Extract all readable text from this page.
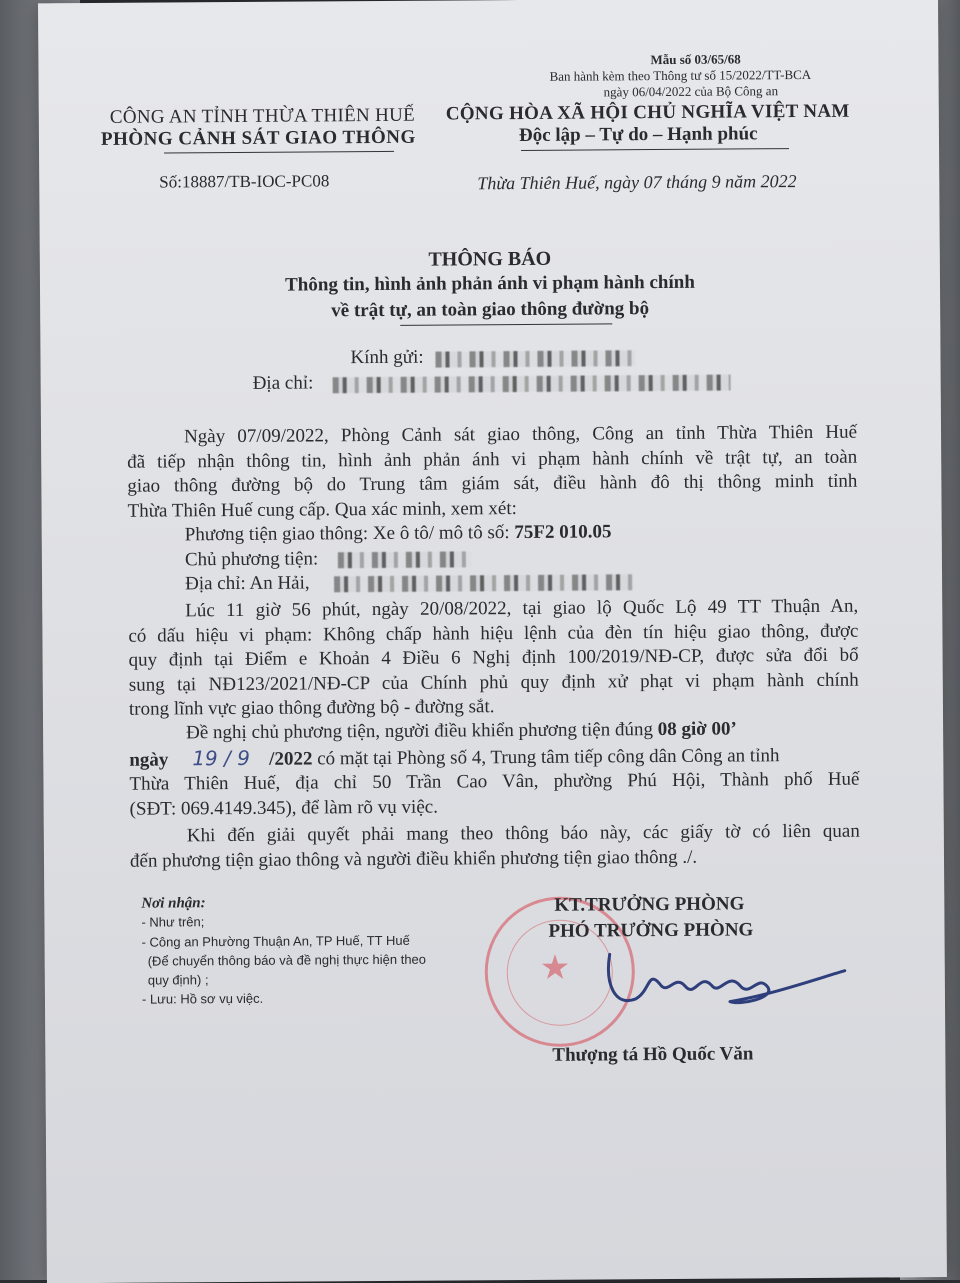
CÔNG AN TỈNH THỪA THIÊN HUẾ
PHÒNG CẢNH SÁT GIAO THÔNG
Số:18887/TB-IOC-PC08
Mẫu số 03/65/68
Ban hành kèm theo Thông tư số 15/2022/TT-BCA
ngày 06/04/2022 của Bộ Công an
CỘNG HÒA XÃ HỘI CHỦ NGHĨA VIỆT NAM
Độc lập – Tự do – Hạnh phúc
Thừa Thiên Huế, ngày 07 tháng 9 năm 2022
THÔNG BÁO
Thông tin, hình ảnh phản ánh vi phạm hành chính
về trật tự, an toàn giao thông đường bộ
Kính gửi:
Địa chỉ:
Ngày 07/09/2022, Phòng Cảnh sát giao thông, Công an tỉnh Thừa Thiên Huế
đã tiếp nhận thông tin, hình ảnh phản ánh vi phạm hành chính về trật tự, an toàn
giao thông đường bộ do Trung tâm giám sát, điều hành đô thị thông minh tỉnh
Thừa Thiên Huế cung cấp. Qua xác minh, xem xét:
Phương tiện giao thông: Xe ô tô/ mô tô số: 75F2 010.05
Chủ phương tiện:
Địa chỉ: An Hải,
Lúc 11 giờ 56 phút, ngày 20/08/2022, tại giao lộ Quốc Lộ 49 TT Thuận An,
có dấu hiệu vi phạm: Không chấp hành hiệu lệnh của đèn tín hiệu giao thông, được
quy định tại Điểm e Khoản 4 Điều 6 Nghị định 100/2019/NĐ-CP, được sửa đổi bổ
sung tại NĐ123/2021/NĐ-CP của Chính phủ quy định xử phạt vi phạm hành chính
trong lĩnh vực giao thông đường bộ - đường sắt.
Đề nghị chủ phương tiện, người điều khiển phương tiện đúng 08 giờ 00’
ngày 19 / 9 /2022 có mặt tại Phòng số 4, Trung tâm tiếp công dân Công an tỉnh
Thừa Thiên Huế, địa chỉ 50 Trần Cao Vân, phường Phú Hội, Thành phố Huế
(SĐT: 069.4149.345), để làm rõ vụ việc.
Khi đến giải quyết phải mang theo thông báo này, các giấy tờ có liên quan
đến phương tiện giao thông và người điều khiển phương tiện giao thông ./.
Nơi nhận:
- Như trên;
- Công an Phường Thuận An, TP Huế, TT Huế
(Để chuyển thông báo và đề nghị thực hiện theo
quy định) ;
- Lưu: Hồ sơ vụ việc.
★
KT.TRƯỞNG PHÒNG
PHÓ TRƯỞNG PHÒNG
Thượng tá Hồ Quốc Văn
